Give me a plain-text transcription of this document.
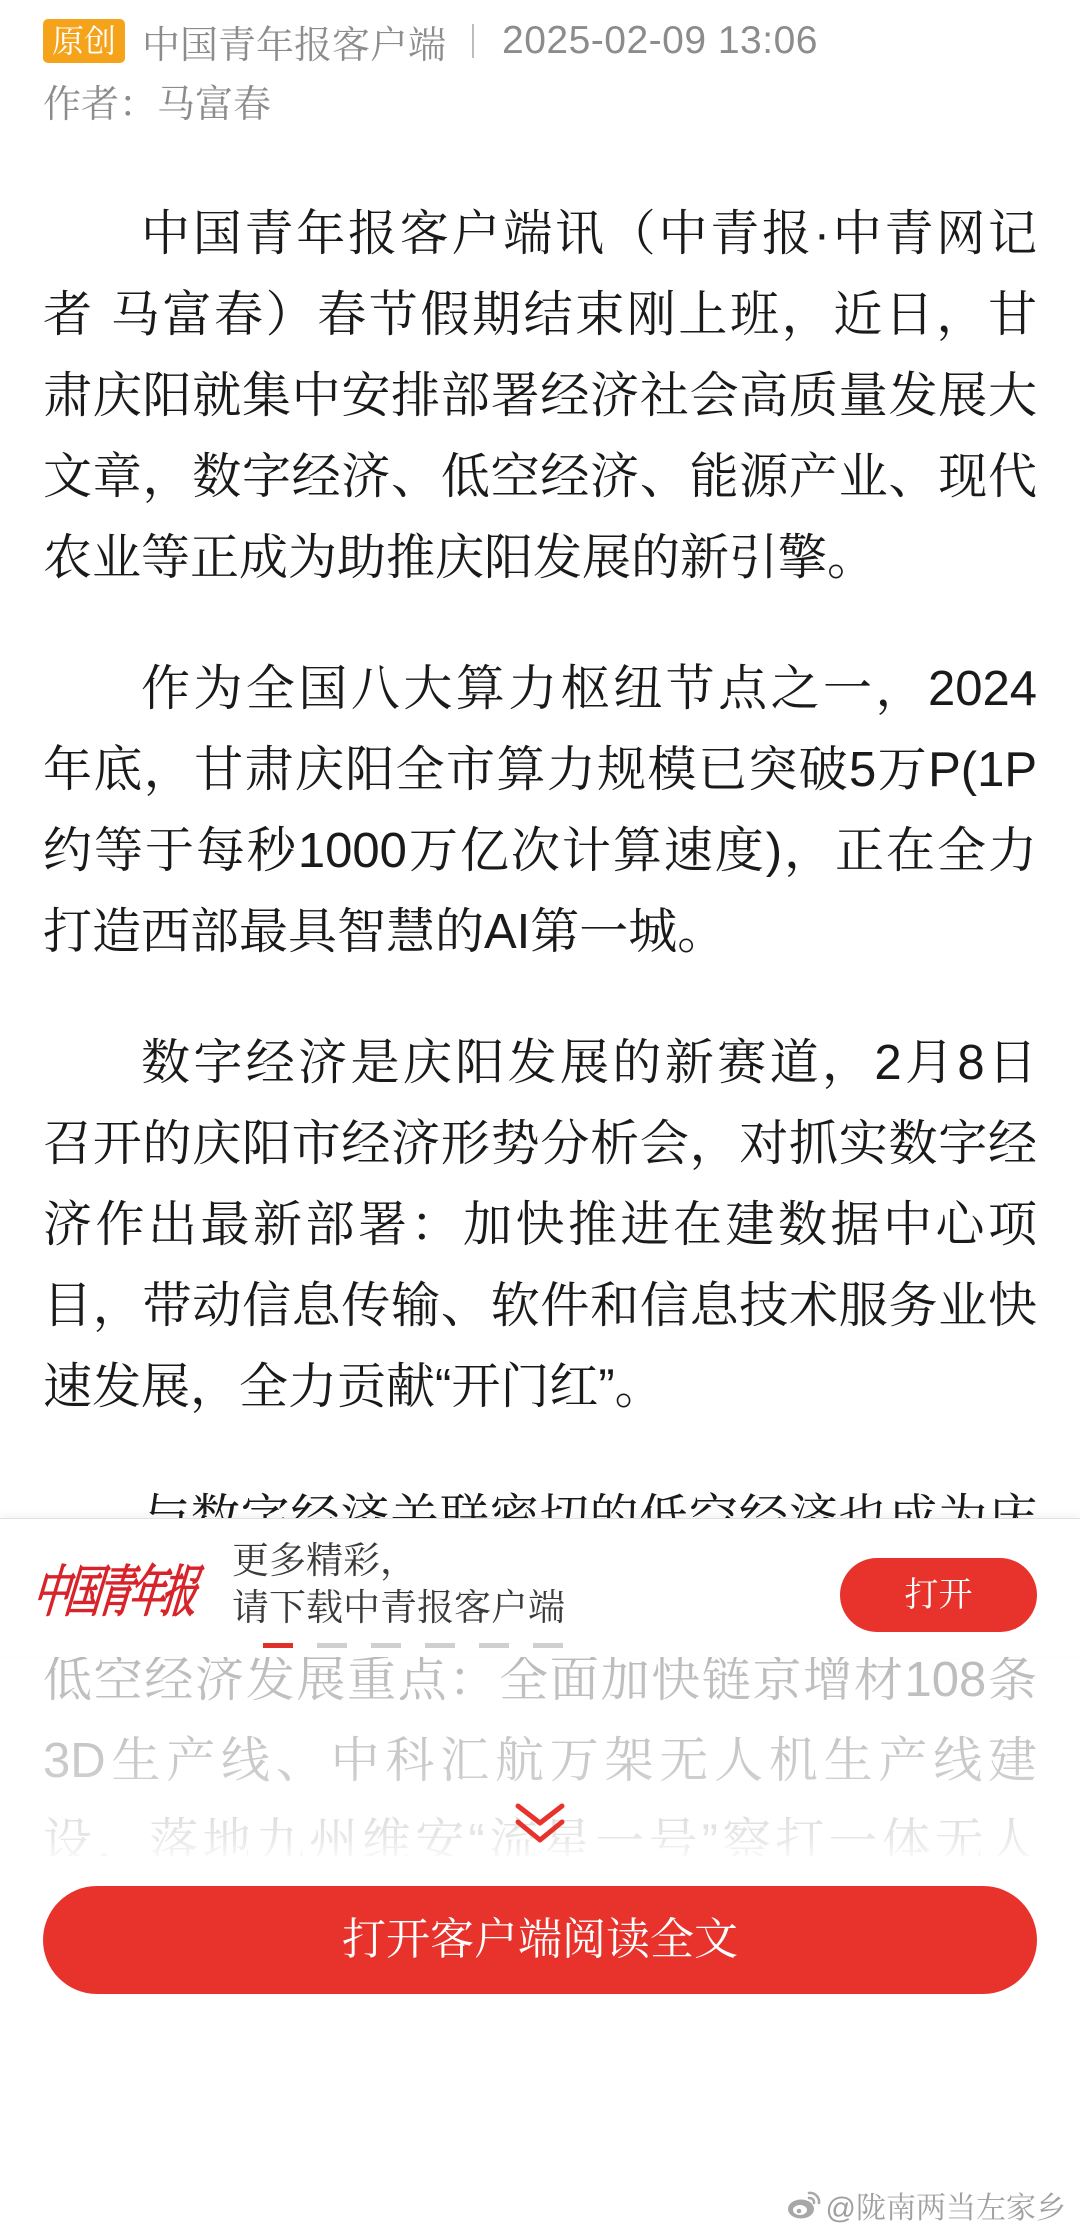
原创 中国青年报客户端 2025-02-09 13:06
作者：马富春
中国青年报客户端讯（中青报·中青网记
者 马富春）春节假期结束刚上班，近日，甘
肃庆阳就集中安排部署经济社会高质量发展大
文章，数字经济、低空经济、能源产业、现代
农业等正成为助推庆阳发展的新引擎。
作为全国八大算力枢纽节点之一，2024
年底，甘肃庆阳全市算力规模已突破5万P(1P
约等于每秒1000万亿次计算速度)，正在全力
打造西部最具智慧的AI第一城。
数字经济是庆阳发展的新赛道，2月8日
召开的庆阳市经济形势分析会，对抓实数字经
济作出最新部署：加快推进在建数据中心项
目，带动信息传输、软件和信息技术服务业快
速发展，全力贡献“开门红”。
中国青年报 更多精彩，
请下载中青报客户端	打开
打开客户端阅读全文
@陇南两当左家乡
